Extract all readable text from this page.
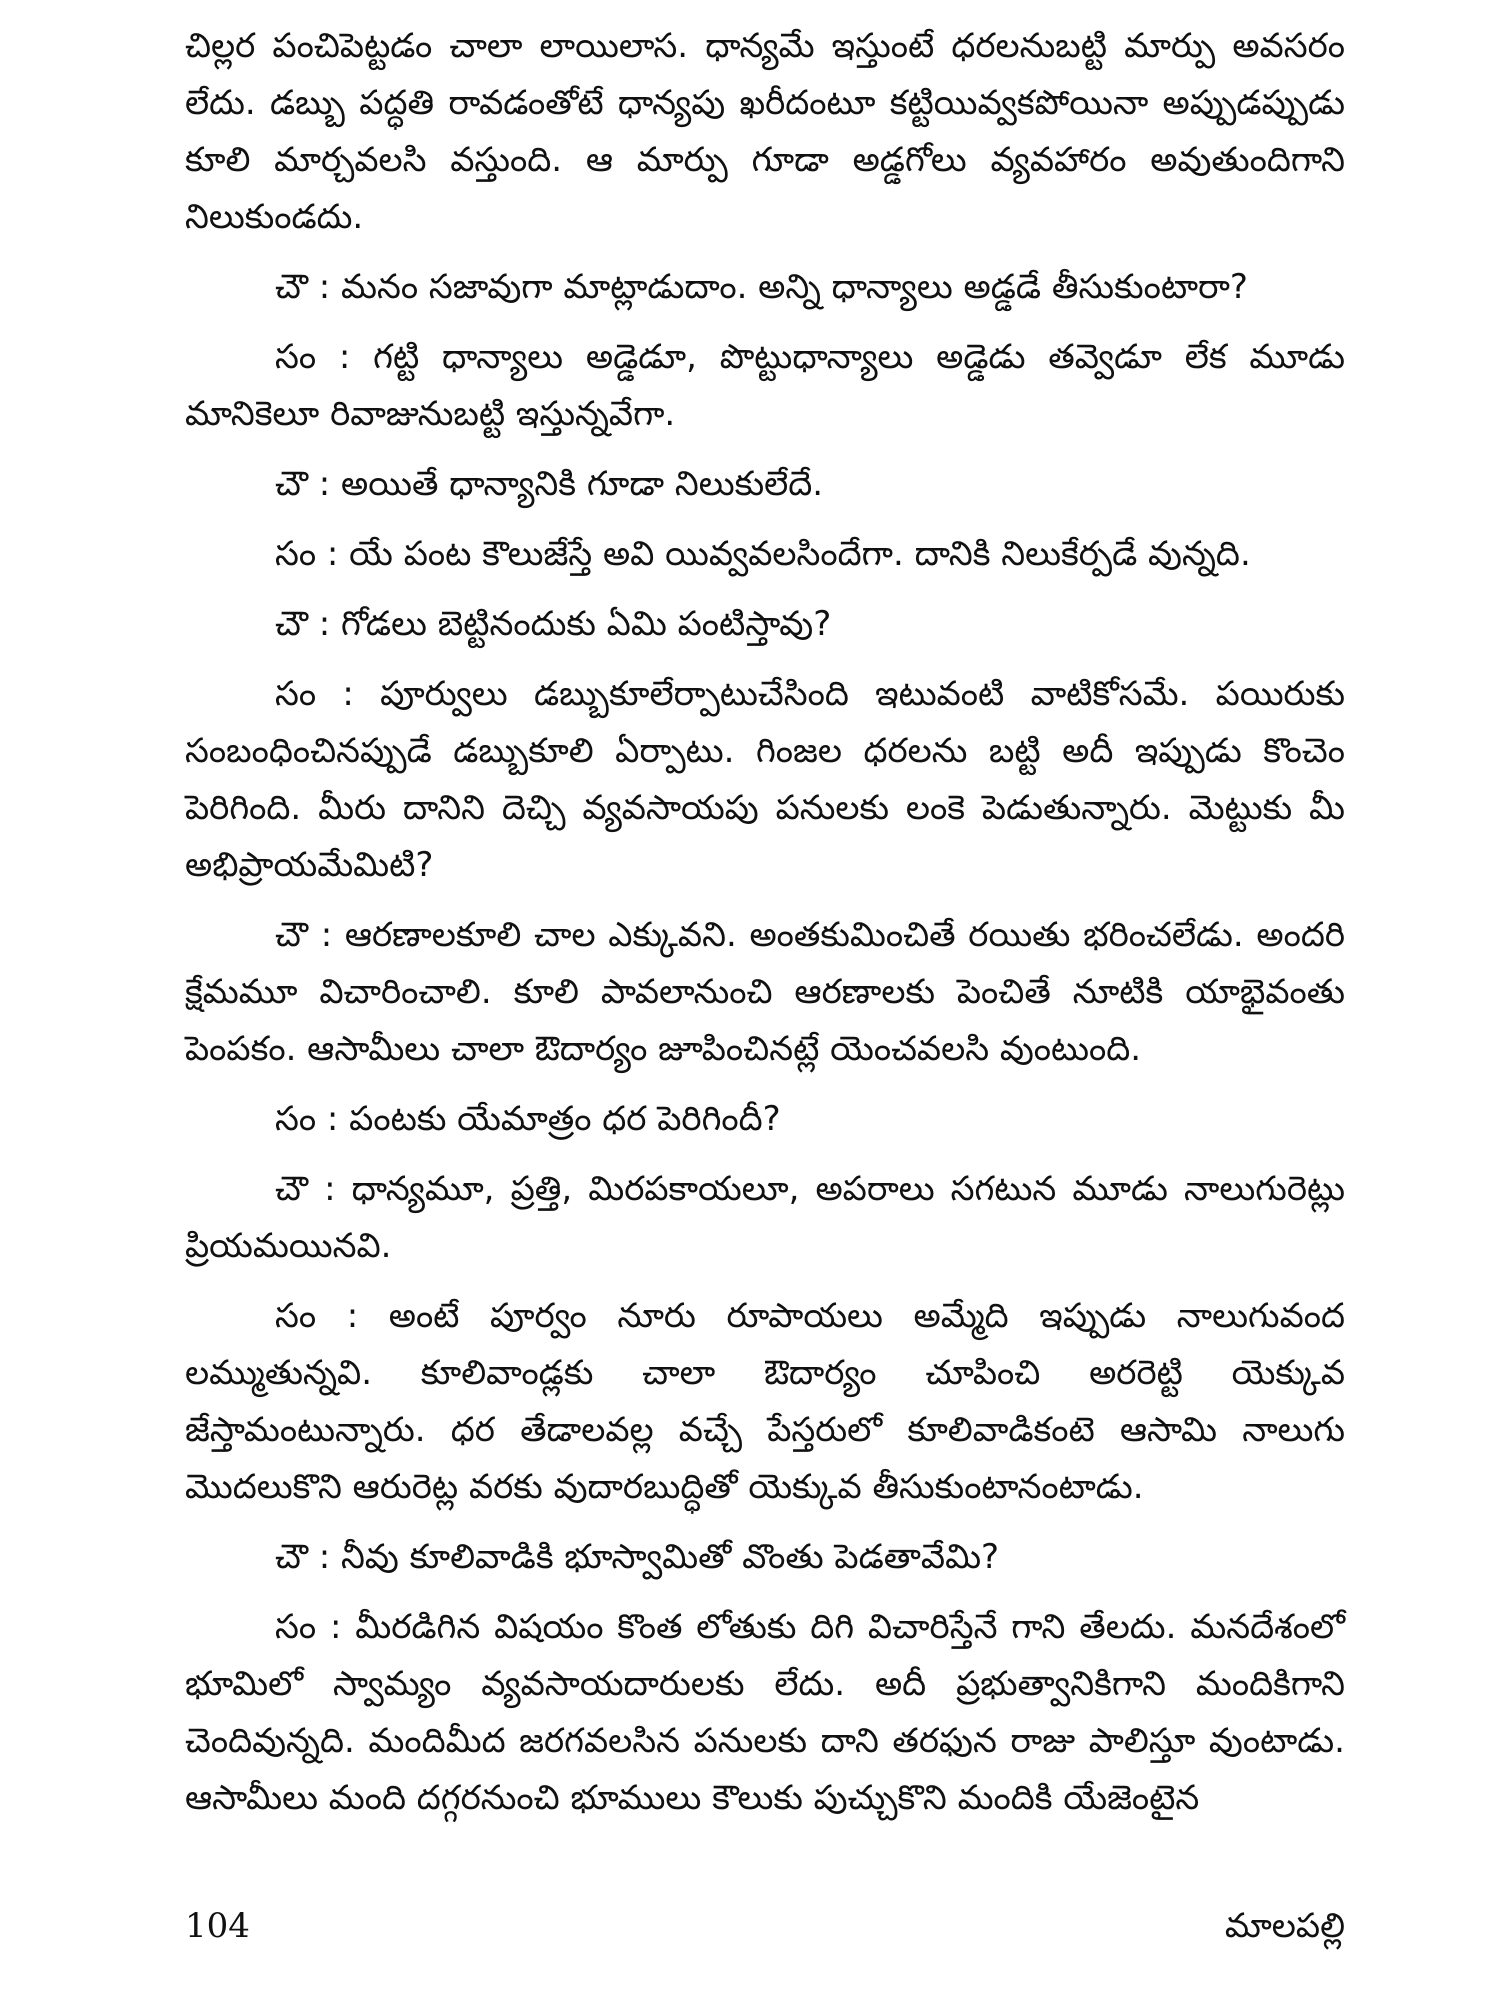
చిల్లర పంచిపెట్టడం చాలా లాయిలాస. ధాన్యమే ఇస్తుంటే ధరలనుబట్టి మార్పు అవసరం లేదు. డబ్బు పద్ధతి రావడంతోటే ధాన్యపు ఖరీదంటూ కట్టియివ్వకపోయినా అప్పుడప్పుడు కూలి మార్చవలసి వస్తుంది. ఆ మార్పు గూడా అడ్డగోలు వ్యవహారం అవుతుందిగాని నిలుకుండదు.

చౌ : మనం సజావుగా మాట్లాడుదాం. అన్ని ధాన్యాలు అడ్డడే తీసుకుంటారా?

సం : గట్టి ధాన్యాలు అడ్డెడూ, పొట్టుధాన్యాలు అడ్డెడు తవ్వెడూ లేక మూడు మానికెలూ రివాజునుబట్టి ఇస్తున్నవేగా.

చౌ : అయితే ధాన్యానికి గూడా నిలుకులేదే.

సం : యే పంట కౌలుజేస్తే అవి యివ్వవలసిందేగా. దానికి నిలుకేర్పడే వున్నది.

చౌ : గోడలు బెట్టినందుకు ఏమి పంటిస్తావు?

సం : పూర్వులు డబ్బుకూలేర్పాటుచేసింది ఇటువంటి వాటికోసమే. పయిరుకు సంబంధించినప్పుడే డబ్బుకూలి ఏర్పాటు. గింజల ధరలను బట్టి అదీ ఇప్పుడు కొంచెం పెరిగింది. మీరు దానిని దెచ్చి వ్యవసాయపు పనులకు లంకె పెడుతున్నారు. మెట్టుకు మీ అభిప్రాయమేమిటి?

చౌ : ఆరణాలకూలి చాల ఎక్కువని. అంతకుమించితే రయితు భరించలేడు. అందరి క్షేమమూ విచారించాలి. కూలి పావలానుంచి ఆరణాలకు పెంచితే నూటికి యాభైవంతు పెంపకం. ఆసామీలు చాలా ఔదార్యం జూపించినట్లే యెంచవలసి వుంటుంది.

సం : పంటకు యేమాత్రం ధర పెరిగిందీ?

చౌ : ధాన్యమూ, ప్రత్తి, మిరపకాయలూ, అపరాలు సగటున మూడు నాలుగురెట్లు ప్రియమయినవి.

సం : అంటే పూర్వం నూరు రూపాయలు అమ్మేది ఇప్పుడు నాలుగువంద లమ్ముతున్నవి. కూలివాండ్లకు చాలా ఔదార్యం చూపించి అరరెట్టి యెక్కువ జేస్తామంటున్నారు. ధర తేడాలవల్ల వచ్చే పేస్తరులో కూలివాడికంటె ఆసామి నాలుగు మొదలుకొని ఆరురెట్ల వరకు వుదారబుద్ధితో యెక్కువ తీసుకుంటానంటాడు.

చౌ : నీవు కూలివాడికి భూస్వామితో వొంతు పెడతావేమి?

సం : మీరడిగిన విషయం కొంత లోతుకు దిగి విచారిస్తేనే గాని తేలదు. మనదేశంలో భూమిలో స్వామ్యం వ్యవసాయదారులకు లేదు. అదీ ప్రభుత్వానికిగాని మందికిగాని చెందివున్నది. మందిమీద జరగవలసిన పనులకు దాని తరఫున రాజు పాలిస్తూ వుంటాడు. ఆసామీలు మంది దగ్గరనుంచి భూములు కౌలుకు పుచ్చుకొని మందికి యేజెంటైన

104	మాలపల్లి
